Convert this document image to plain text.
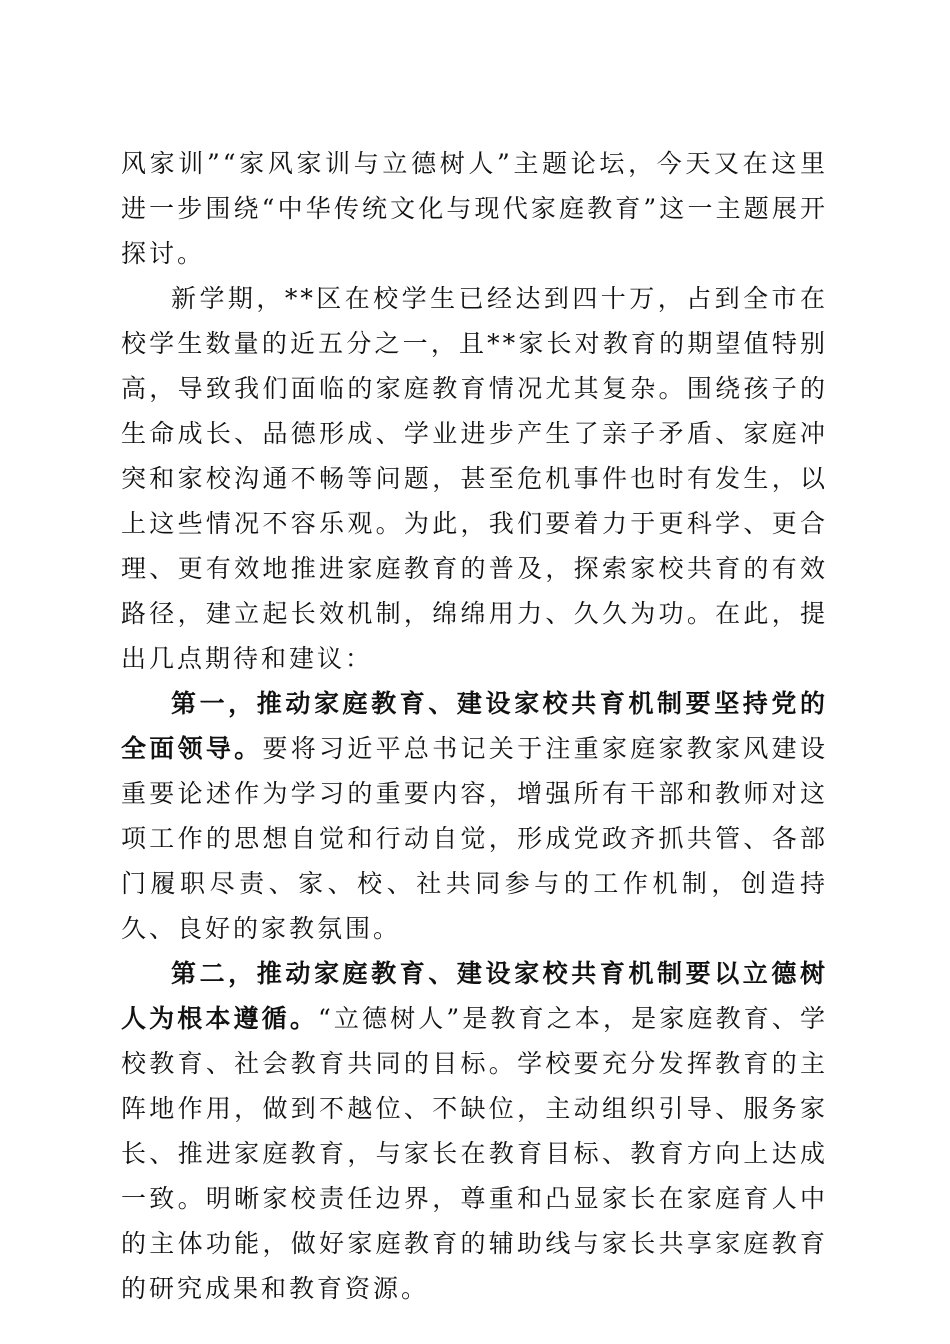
风家训”“家风家训与立德树人”主题论坛，今天又在这里进一步围绕“中华传统文化与现代家庭教育”这一主题展开探讨。

新学期，**区在校学生已经达到四十万，占到全市在校学生数量的近五分之一，且**家长对教育的期望值特别高，导致我们面临的家庭教育情况尤其复杂。围绕孩子的生命成长、品德形成、学业进步产生了亲子矛盾、家庭冲突和家校沟通不畅等问题，甚至危机事件也时有发生，以上这些情况不容乐观。为此，我们要着力于更科学、更合理、更有效地推进家庭教育的普及，探索家校共育的有效路径，建立起长效机制，绵绵用力、久久为功。在此，提出几点期待和建议：

第一，推动家庭教育、建设家校共育机制要坚持党的全面领导。要将习近平总书记关于注重家庭家教家风建设重要论述作为学习的重要内容，增强所有干部和教师对这项工作的思想自觉和行动自觉，形成党政齐抓共管、各部门履职尽责、家、校、社共同参与的工作机制，创造持久、良好的家教氛围。

第二，推动家庭教育、建设家校共育机制要以立德树人为根本遵循。“立德树人”是教育之本，是家庭教育、学校教育、社会教育共同的目标。学校要充分发挥教育的主阵地作用，做到不越位、不缺位，主动组织引导、服务家长、推进家庭教育，与家长在教育目标、教育方向上达成一致。明晰家校责任边界，尊重和凸显家长在家庭育人中的主体功能，做好家庭教育的辅助线与家长共享家庭教育的研究成果和教育资源。
